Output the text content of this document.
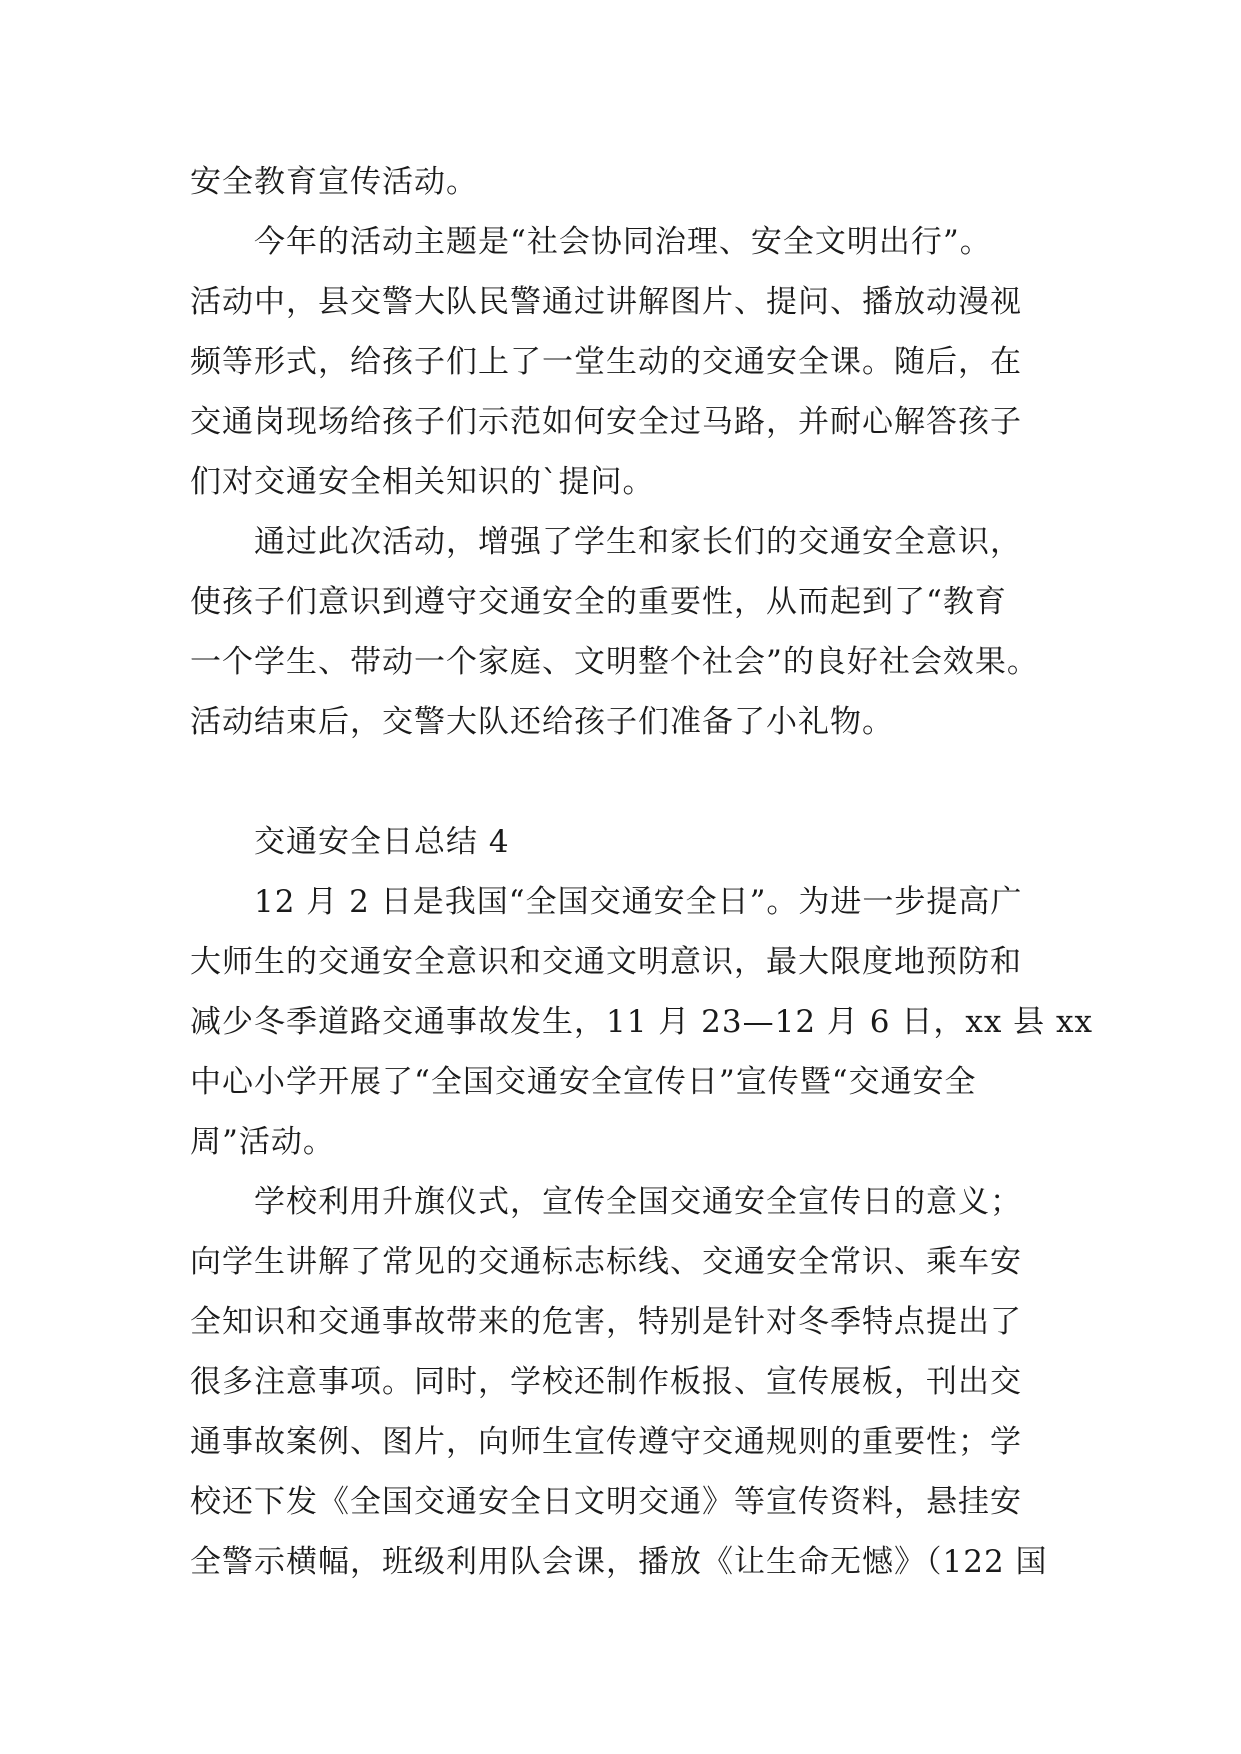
安全教育宣传活动。
今年的活动主题是“社会协同治理、安全文明出行”。
活动中，县交警大队民警通过讲解图片、提问、播放动漫视
频等形式，给孩子们上了一堂生动的交通安全课。随后，在
交通岗现场给孩子们示范如何安全过马路，并耐心解答孩子
们对交通安全相关知识的`提问。
通过此次活动，增强了学生和家长们的交通安全意识，
使孩子们意识到遵守交通安全的重要性，从而起到了“教育
一个学生、带动一个家庭、文明整个社会”的良好社会效果。
活动结束后，交警大队还给孩子们准备了小礼物。
交通安全日总结 4
12 月 2 日是我国“全国交通安全日”。为进一步提高广
大师生的交通安全意识和交通文明意识，最大限度地预防和
减少冬季道路交通事故发生，11 月 23—12 月 6 日，xx 县 xx
中心小学开展了“全国交通安全宣传日”宣传暨“交通安全
周”活动。
学校利用升旗仪式，宣传全国交通安全宣传日的意义；
向学生讲解了常见的交通标志标线、交通安全常识、乘车安
全知识和交通事故带来的危害，特别是针对冬季特点提出了
很多注意事项。同时，学校还制作板报、宣传展板，刊出交
通事故案例、图片，向师生宣传遵守交通规则的重要性；学
校还下发《全国交通安全日文明交通》等宣传资料，悬挂安
全警示横幅，班级利用队会课，播放《让生命无憾》（122 国
